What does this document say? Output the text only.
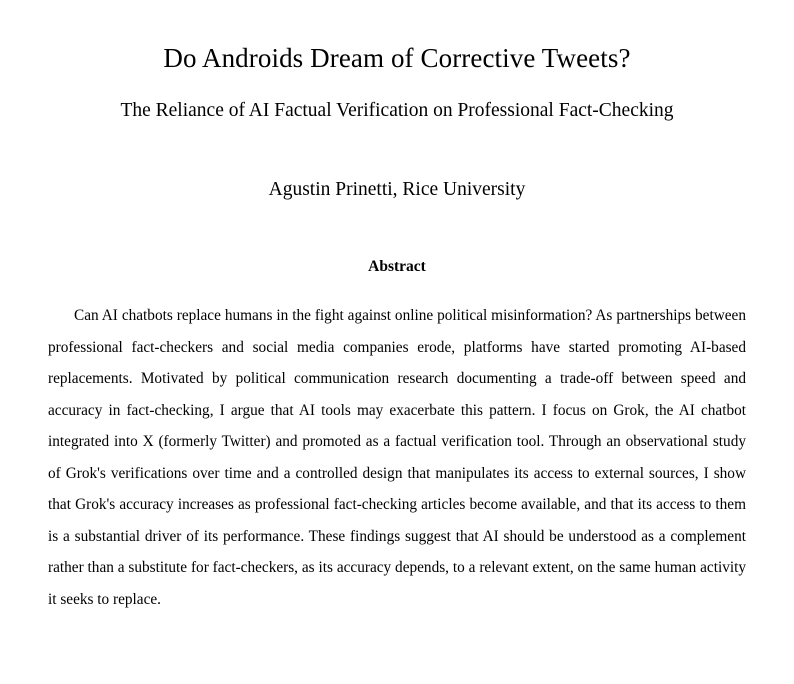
Do Androids Dream of Corrective Tweets?
The Reliance of AI Factual Verification on Professional Fact-Checking

Agustin Prinetti, Rice University

Abstract

Can AI chatbots replace humans in the fight against online political misinformation? As partnerships between professional fact-checkers and social media companies erode, platforms have started promoting AI-based replacements. Motivated by political communication research documenting a trade-off between speed and accuracy in fact-checking, I argue that AI tools may exacerbate this pattern. I focus on Grok, the AI chatbot integrated into X (formerly Twitter) and promoted as a factual verification tool. Through an observational study of Grok's verifications over time and a controlled design that manipulates its access to external sources, I show that Grok's accuracy increases as professional fact-checking articles become available, and that its access to them is a substantial driver of its performance. These findings suggest that AI should be understood as a complement rather than a substitute for fact-checkers, as its accuracy depends, to a relevant extent, on the same human activity it seeks to replace.
